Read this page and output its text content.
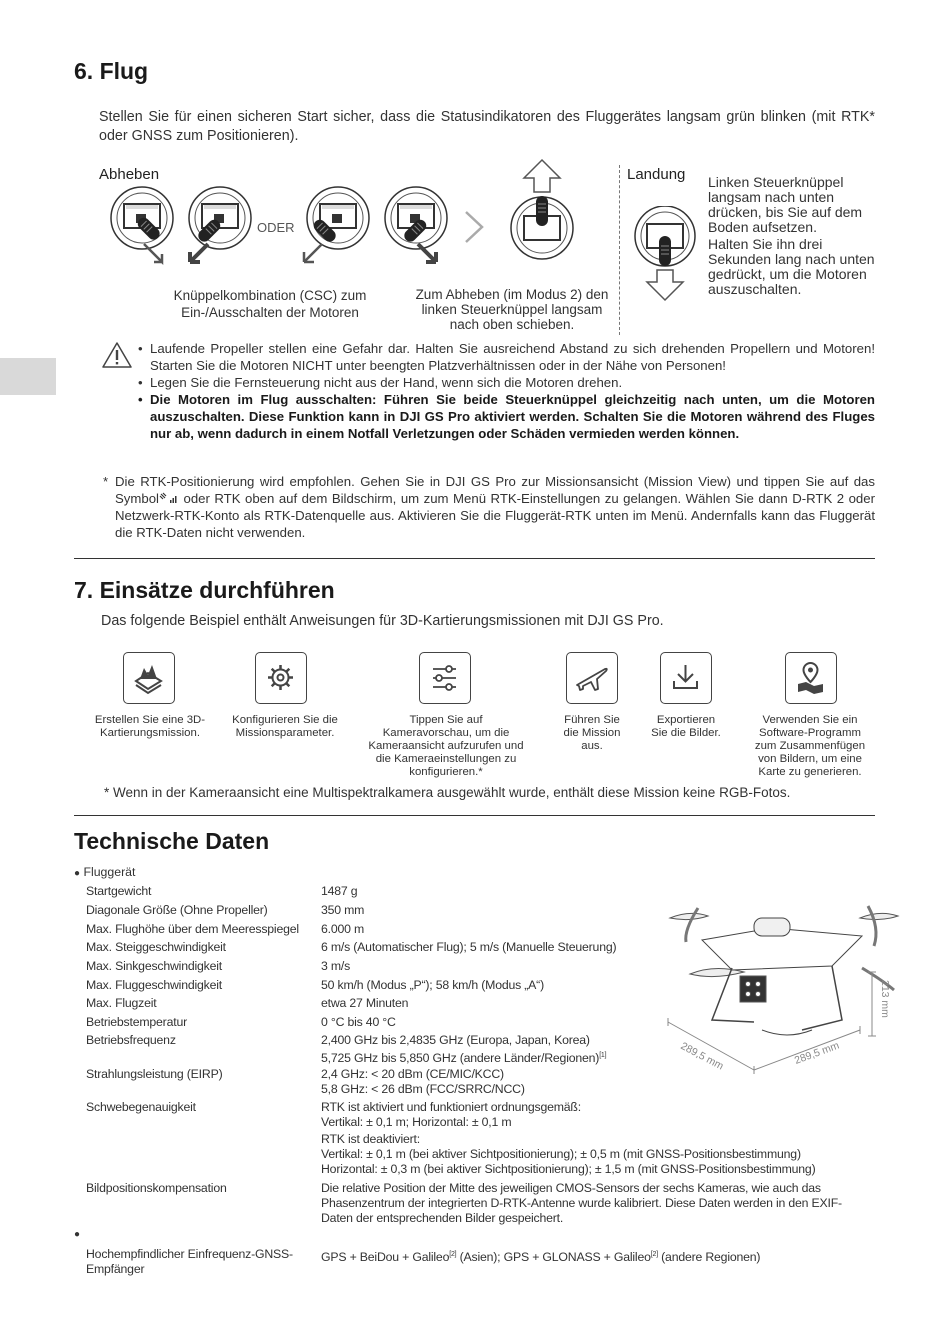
6. Flug
Stellen Sie für einen sicheren Start sicher, dass die Statusindikatoren des Fluggerätes langsam grün blinken (mit RTK* oder GNSS zum Positionieren).
Abheben
ODER
Knüppelkombination (CSC) zum Ein-/Ausschalten der Motoren
Zum Abheben (im Modus 2) den linken Steuerknüppel langsam nach oben schieben.
Landung Linken Steuerknüppel langsam nach unten drücken, bis Sie auf dem Boden aufsetzen.
Halten Sie ihn drei Sekunden lang nach unten gedrückt, um die Motoren auszuschalten.
• Laufende Propeller stellen eine Gefahr dar. Halten Sie ausreichend Abstand zu sich drehenden Propellern und Motoren! Starten Sie die Motoren NICHT unter beengten Platzverhältnissen oder in der Nähe von Personen!
• Legen Sie die Fernsteuerung nicht aus der Hand, wenn sich die Motoren drehen.
• Die Motoren im Flug ausschalten: Führen Sie beide Steuerknüppel gleichzeitig nach unten, um die Motoren auszuschalten. Diese Funktion kann in DJI GS Pro aktiviert werden. Schalten Sie die Motoren während des Fluges nur ab, wenn dadurch in einem Notfall Verletzungen oder Schäden vermieden werden können.
* Die RTK-Positionierung wird empfohlen. Gehen Sie in DJI GS Pro zur Missionsansicht (Mission View) und tippen Sie auf das Symbol oder RTK oben auf dem Bildschirm, um zum Menü RTK-Einstellungen zu gelangen. Wählen Sie dann D-RTK 2 oder Netzwerk-RTK-Konto als RTK-Datenquelle aus. Aktivieren Sie die Fluggerät-RTK unten im Menü. Andernfalls kann das Fluggerät die RTK-Daten nicht verwenden.
7. Einsätze durchführen
Das folgende Beispiel enthält Anweisungen für 3D-Kartierungsmissionen mit DJI GS Pro.
Erstellen Sie eine 3D-Kartierungsmission.
Konfigurieren Sie die Missionsparameter.
Tippen Sie auf Kameravorschau, um die Kameraansicht aufzurufen und die Kameraeinstellungen zu konfigurieren.*
Führen Sie die Mission aus.
Exportieren Sie die Bilder.
Verwenden Sie ein Software-Programm zum Zusammenfügen von Bildern, um eine Karte zu generieren.
* Wenn in der Kameraansicht eine Multispektralkamera ausgewählt wurde, enthält diese Mission keine RGB-Fotos.
Technische Daten
● Fluggerät
Startgewicht	1487 g
Diagonale Größe (Ohne Propeller)	350 mm
Max. Flughöhe über dem Meeresspiegel	6.000 m
Max. Steiggeschwindigkeit	6 m/s (Automatischer Flug); 5 m/s (Manuelle Steuerung)
Max. Sinkgeschwindigkeit	3 m/s
Max. Fluggeschwindigkeit	50 km/h (Modus „P“); 58 km/h (Modus „A“)
Max. Flugzeit	etwa 27 Minuten
Betriebstemperatur	0 °C bis 40 °C
Betriebsfrequenz	2,400 GHz bis 2,4835 GHz (Europa, Japan, Korea)
5,725 GHz bis 5,850 GHz (andere Länder/Regionen)[1]
Strahlungsleistung (EIRP)	2,4 GHz: < 20 dBm (CE/MIC/KCC)
5,8 GHz: < 26 dBm (FCC/SRRC/NCC)
Schwebegenauigkeit	RTK ist aktiviert und funktioniert ordnungsgemäß:
Vertikal: ± 0,1 m; Horizontal: ± 0,1 m
RTK ist deaktiviert:
Vertikal: ± 0,1 m (bei aktiver Sichtpositionierung); ± 0,5 m (mit GNSS-Positionsbestimmung)
Horizontal: ± 0,3 m (bei aktiver Sichtpositionierung); ± 1,5 m (mit GNSS-Positionsbestimmung)
Bildpositionskompensation	Die relative Position der Mitte des jeweiligen CMOS-Sensors der sechs Kameras, wie auch das Phasenzentrum der integrierten D-RTK-Antenne wurde kalibriert. Diese Daten werden in den EXIF-Daten der entsprechenden Bilder gespeichert.
●
Hochempfindlicher Einfrequenz-GNSS-Empfänger
GPS + BeiDou + Galileo[2] (Asien); GPS + GLONASS + Galileo[2] (andere Regionen)
289,5 mm	289,5 mm
213 mm
